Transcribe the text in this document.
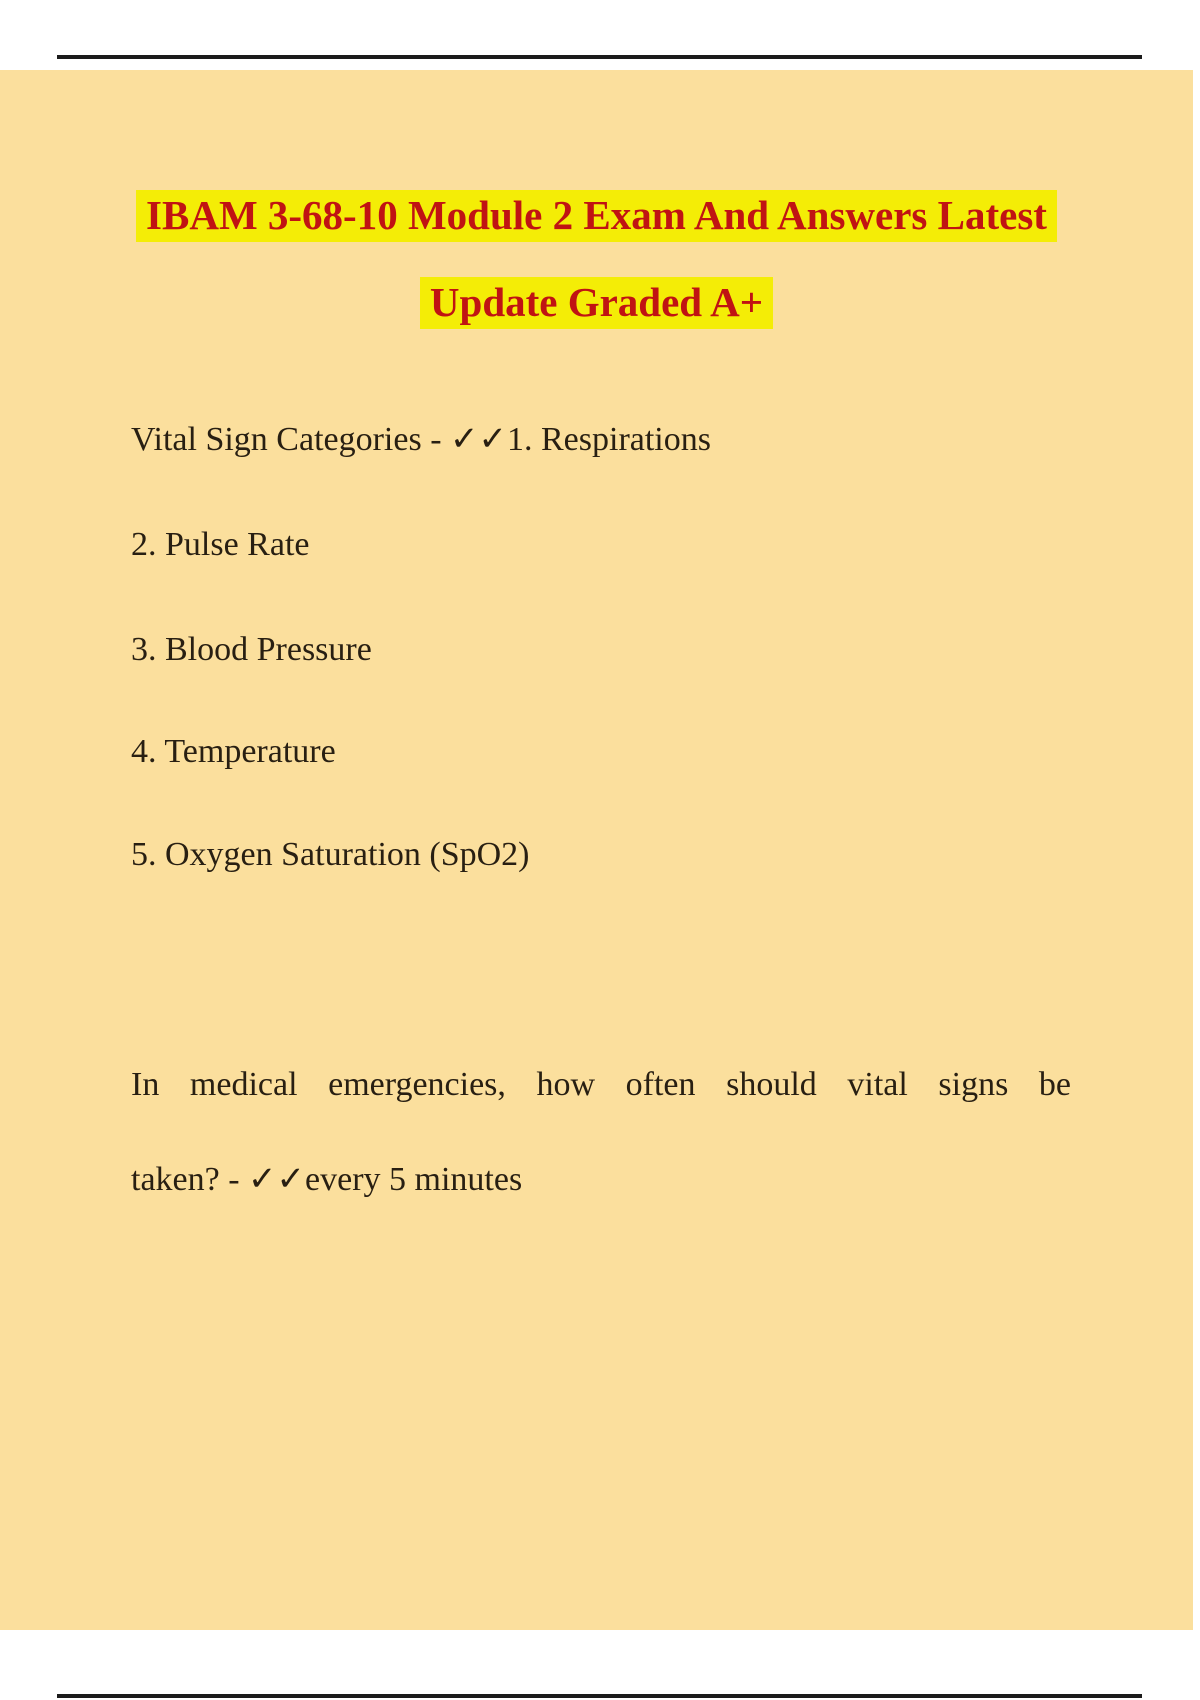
IBAM 3-68-10 Module 2 Exam And Answers Latest
Update Graded A+
Vital Sign Categories - ✓✓1. Respirations
2. Pulse Rate
3. Blood Pressure
4. Temperature
5. Oxygen Saturation (SpO2)
In medical emergencies, how often should vital signs be
taken? - ✓✓every 5 minutes
